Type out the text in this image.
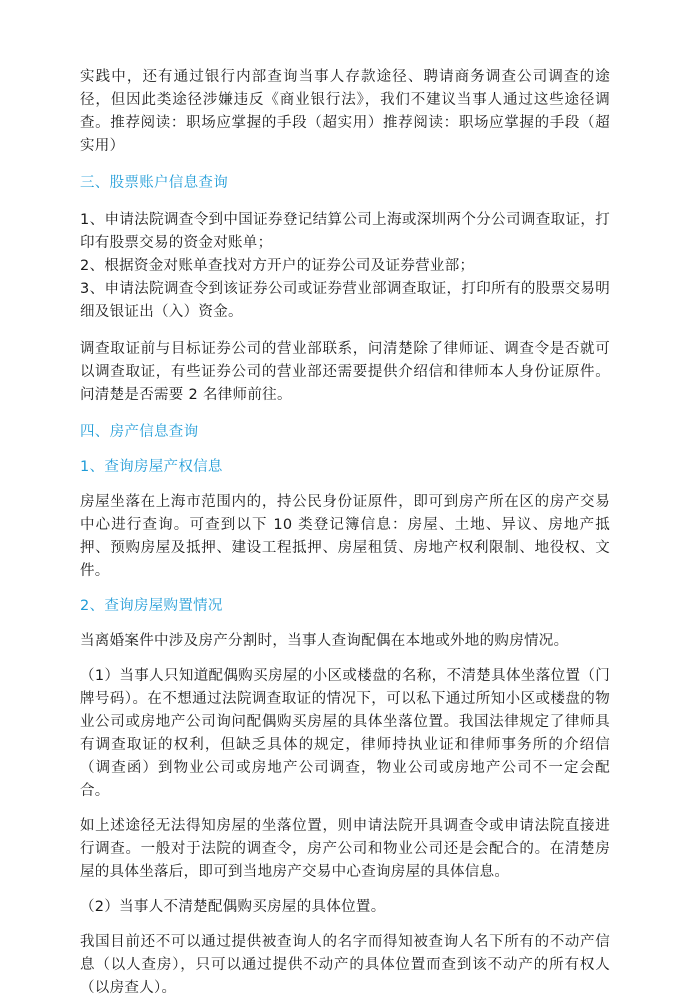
实践中，还有通过银行内部查询当事人存款途径、聘请商务调查公司调查的途径，但因此类途径涉嫌违反《商业银行法》，我们不建议当事人通过这些途径调查。推荐阅读：职场应掌握的手段（超实用）推荐阅读：职场应掌握的手段（超实用）

三、股票账户信息查询

1、申请法院调查令到中国证券登记结算公司上海或深圳两个分公司调查取证，打印有股票交易的资金对账单；

2、根据资金对账单查找对方开户的证券公司及证券营业部；

3、申请法院调查令到该证券公司或证券营业部调查取证，打印所有的股票交易明细及银证出（入）资金。

调查取证前与目标证券公司的营业部联系，问清楚除了律师证、调查令是否就可以调查取证，有些证券公司的营业部还需要提供介绍信和律师本人身份证原件。问清楚是否需要 2 名律师前往。

四、房产信息查询

1、查询房屋产权信息

房屋坐落在上海市范围内的，持公民身份证原件，即可到房产所在区的房产交易中心进行查询。可查到以下 10 类登记簿信息：房屋、土地、异议、房地产抵押、预购房屋及抵押、建设工程抵押、房屋租赁、房地产权利限制、地役权、文件。

2、查询房屋购置情况

当离婚案件中涉及房产分割时，当事人查询配偶在本地或外地的购房情况。

（1）当事人只知道配偶购买房屋的小区或楼盘的名称，不清楚具体坐落位置（门牌号码）。在不想通过法院调查取证的情况下，可以私下通过所知小区或楼盘的物业公司或房地产公司询问配偶购买房屋的具体坐落位置。我国法律规定了律师具有调查取证的权利，但缺乏具体的规定，律师持执业证和律师事务所的介绍信（调查函）到物业公司或房地产公司调查，物业公司或房地产公司不一定会配合。

如上述途径无法得知房屋的坐落位置，则申请法院开具调查令或申请法院直接进行调查。一般对于法院的调查令，房产公司和物业公司还是会配合的。在清楚房屋的具体坐落后，即可到当地房产交易中心查询房屋的具体信息。

（2）当事人不清楚配偶购买房屋的具体位置。

我国目前还不可以通过提供被查询人的名字而得知被查询人名下所有的不动产信息（以人查房），只可以通过提供不动产的具体位置而查到该不动产的所有权人（以房查人）。
